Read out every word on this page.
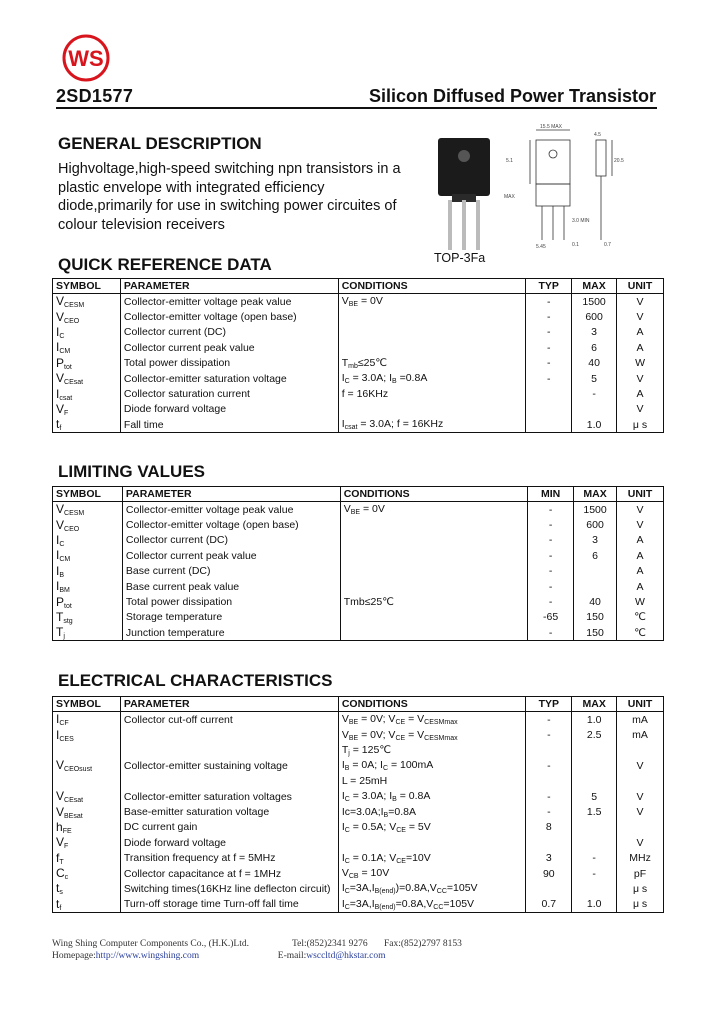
WS
2SD1577	Silicon Diffused Power Transistor
GENERAL DESCRIPTION
Highvoltage,high-speed switching npn transistors in a plastic envelope with integrated efficiency diode,primarily for use in switching power circuites of colour television receivers
TOP-3Fa
15.5 MAX
4.5
20.5
5.1
MAX
3.0 MIN
5.45	0.1	0.7
QUICK REFERENCE DATA
SYMBOL	PARAMETER	CONDITIONS	TYP	MAX	UNIT
$V_{CESM}$	Collector-emitter voltage peak value	$V_{BE} = 0V$	-	1500	V
$V_{CEO}$	Collector-emitter voltage (open base)		-	600	V
$I_C$	Collector current (DC)		-	3	A
$I_{CM}$	Collector current peak value		-	6	A
$P_{tot}$	Total power dissipation	$T_{mb}\le 25℃$	-	40	W
$V_{CEsat}$	Collector-emitter saturation voltage	$I_C = 3.0A$; $I_B =0.8A$	-	5	V
$I_{csat}$	Collector saturation current	f = 16KHz		-	A
$V_F$	Diode forward voltage				V
$t_f$	Fall time	$I_{csat} = 3.0A$; f = 16KHz		1.0	μ s
LIMITING VALUES
SYMBOL	PARAMETER	CONDITIONS	MIN	MAX	UNIT
$V_{CESM}$	Collector-emitter voltage peak value	$V_{BE} = 0V$	-	1500	V
$V_{CEO}$	Collector-emitter voltage (open base)		-	600	V
$I_C$	Collector current (DC)		-	3	A
$I_{CM}$	Collector current peak value		-	6	A
$I_B$	Base current (DC)		-		A
$I_{BM}$	Base current peak value		-		A
$P_{tot}$	Total power dissipation	Tmb≤25℃	-	40	W
$T_{stg}$	Storage temperature		-65	150	℃
$T_j$	Junction temperature		-	150	℃
ELECTRICAL CHARACTERISTICS
SYMBOL	PARAMETER	CONDITIONS	TYP	MAX	UNIT
$I_{CF}$	Collector cut-off current	$V_{BE} = 0V$; $V_{CE} = V_{CESMmax}$	-	1.0	mA
$I_{CES}$		$V_{BE} = 0V$; $V_{CE} = V_{CESMmax}$	-	2.5	mA
		$T_j$ = 125℃			
$V_{CEOsust}$	Collector-emitter sustaining voltage	$I_B = 0A$; $I_C = 100mA$	-		V
		L = 25mH			
$V_{CEsat}$	Collector-emitter saturation voltages	$I_C = 3.0A$; $I_B = 0.8A$	-	5	V
$V_{BEsat}$	Base-emitter saturation voltage	$Ic=3.0A;I_B=0.8A$	-	1.5	V
$h_{FE}$	DC current gain	$I_C = 0.5A$; $V_{CE} = 5V$	8		
$V_F$	Diode forward voltage				V
$f_T$	Transition frequency at f = 5MHz	$I_C = 0.1A$; $V_{CE}=10V$	3	-	MHz
$C_c$	Collector capacitance at f = 1MHz	$V_{CB} = 10V$	90	-	pF
$t_s$	Switching times(16KHz line deflecton circuit)	$I_C=3A,I_{B(end)})=0.8A,V_{CC}=105V$			μ s
$t_f$	Turn-off storage time Turn-off fall time	$I_C=3A,I_{B(end)}=0.8A,V_{CC}=105V$	0.7	1.0	μ s
Wing Shing Computer Components Co., (H.K.)Ltd.	Tel:(852)2341 9276 Fax:(852)2797 8153
Homepage:http://www.wingshing.com	E-mail:wsccltd@hkstar.com
